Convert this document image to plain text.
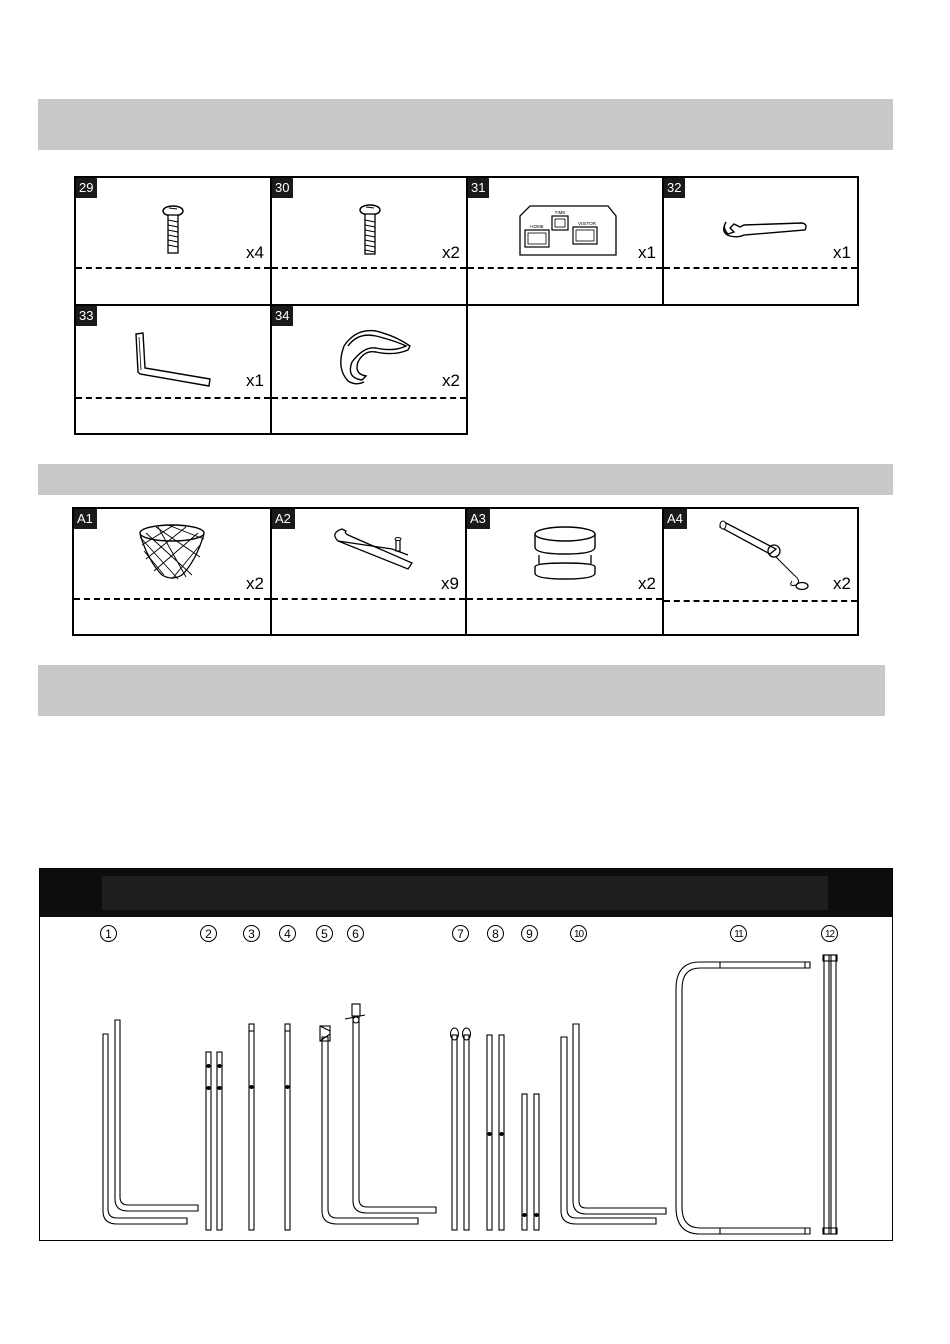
29
x4
30
x2
31
TIME
HOME
VISITOR
x1
32
x1
33
x1
34
x2
A1
x2
A2
x9
A3
x2
A4
x2
1	2	3	4	5	6	7	8	9	10	11	12
